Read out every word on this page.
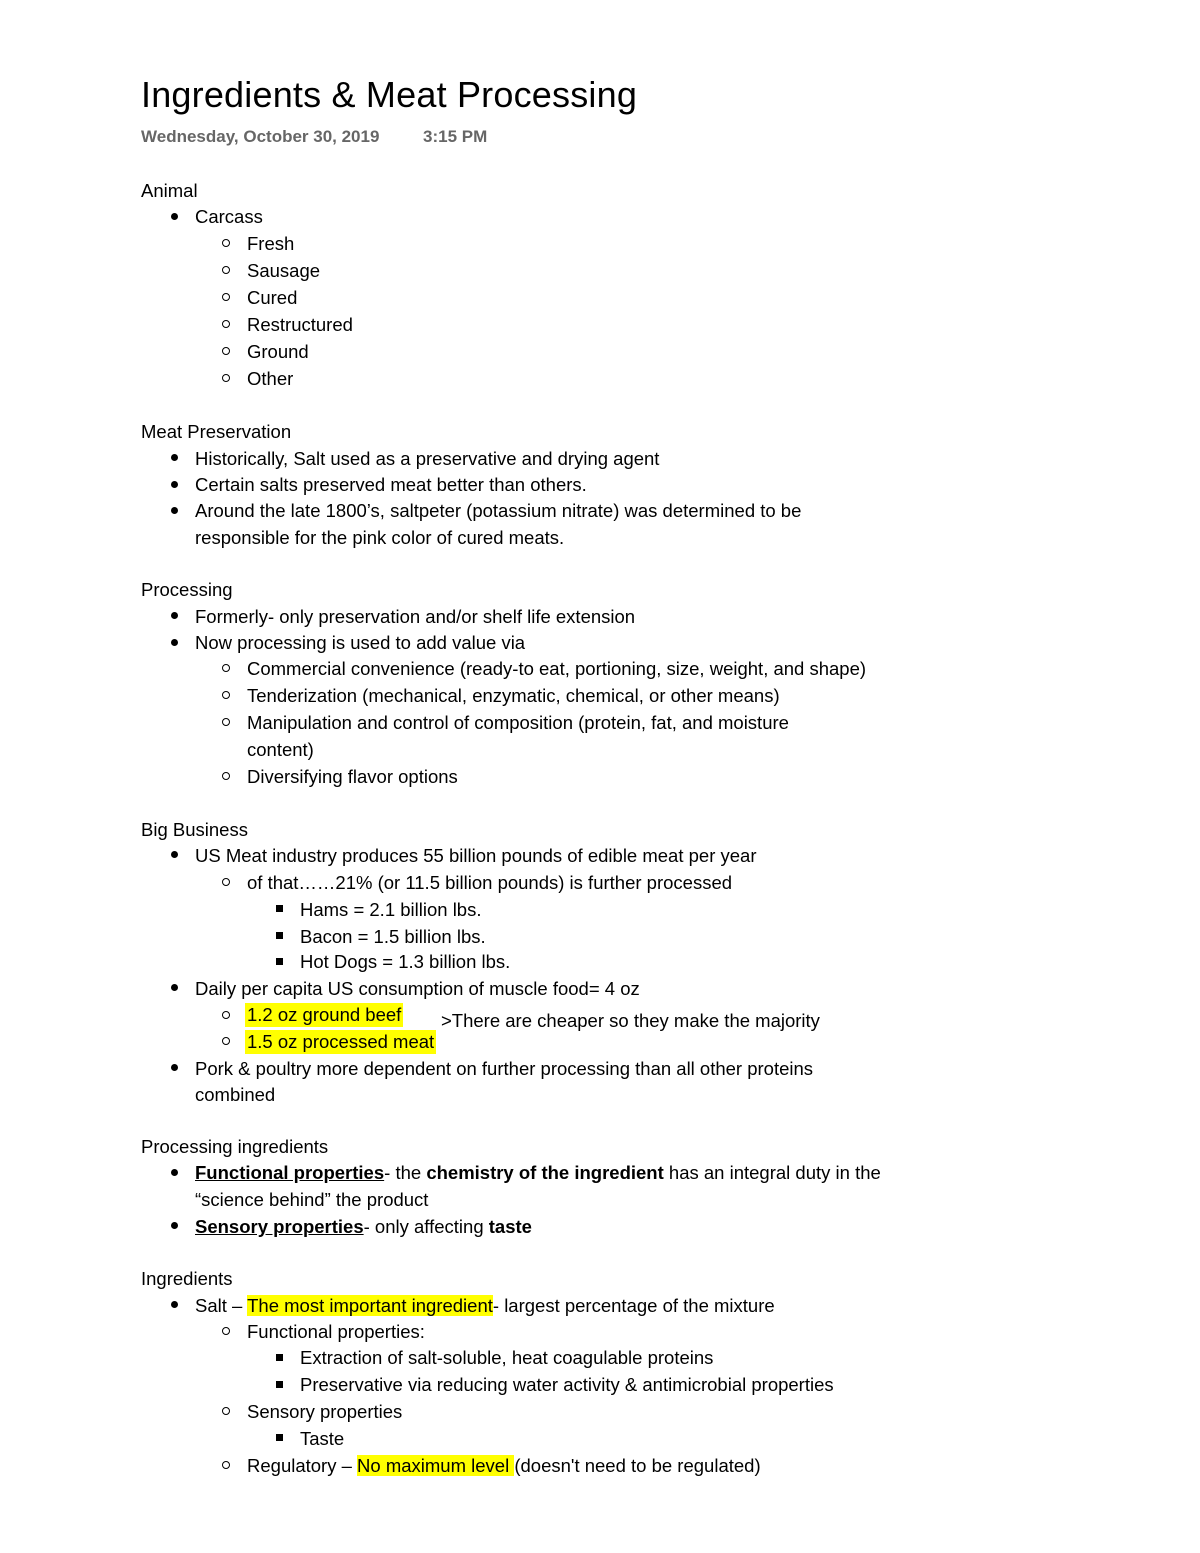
Ingredients & Meat Processing
Wednesday, October 30, 2019	3:15 PM
Animal
Carcass
Fresh
Sausage
Cured
Restructured
Ground
Other
Meat Preservation
Historically, Salt used as a preservative and drying agent
Certain salts preserved meat better than others.
Around the late 1800’s, saltpeter (potassium nitrate) was determined to be
responsible for the pink color of cured meats.
Processing
Formerly- only preservation and/or shelf life extension
Now processing is used to add value via
Commercial convenience (ready-to eat, portioning, size, weight, and shape)
Tenderization (mechanical, enzymatic, chemical, or other means)
Manipulation and control of composition (protein, fat, and moisture
content)
Diversifying flavor options
Big Business
US Meat industry produces 55 billion pounds of edible meat per year
of that……21% (or 11.5 billion pounds) is further processed
Hams = 2.1 billion lbs.
Bacon = 1.5 billion lbs.
Hot Dogs = 1.3 billion lbs.
Daily per capita US consumption of muscle food= 4 oz
1.2 oz ground beef >There are cheaper so they make the majority
1.5 oz processed meat
Pork & poultry more dependent on further processing than all other proteins
combined
Processing ingredients
Functional properties- the chemistry of the ingredient has an integral duty in the
“science behind” the product
Sensory properties- only affecting taste
Ingredients
Salt – The most important ingredient- largest percentage of the mixture
Functional properties:
Extraction of salt-soluble, heat coagulable proteins
Preservative via reducing water activity & antimicrobial properties
Sensory properties
Taste
Regulatory – No maximum level (doesn't need to be regulated)
